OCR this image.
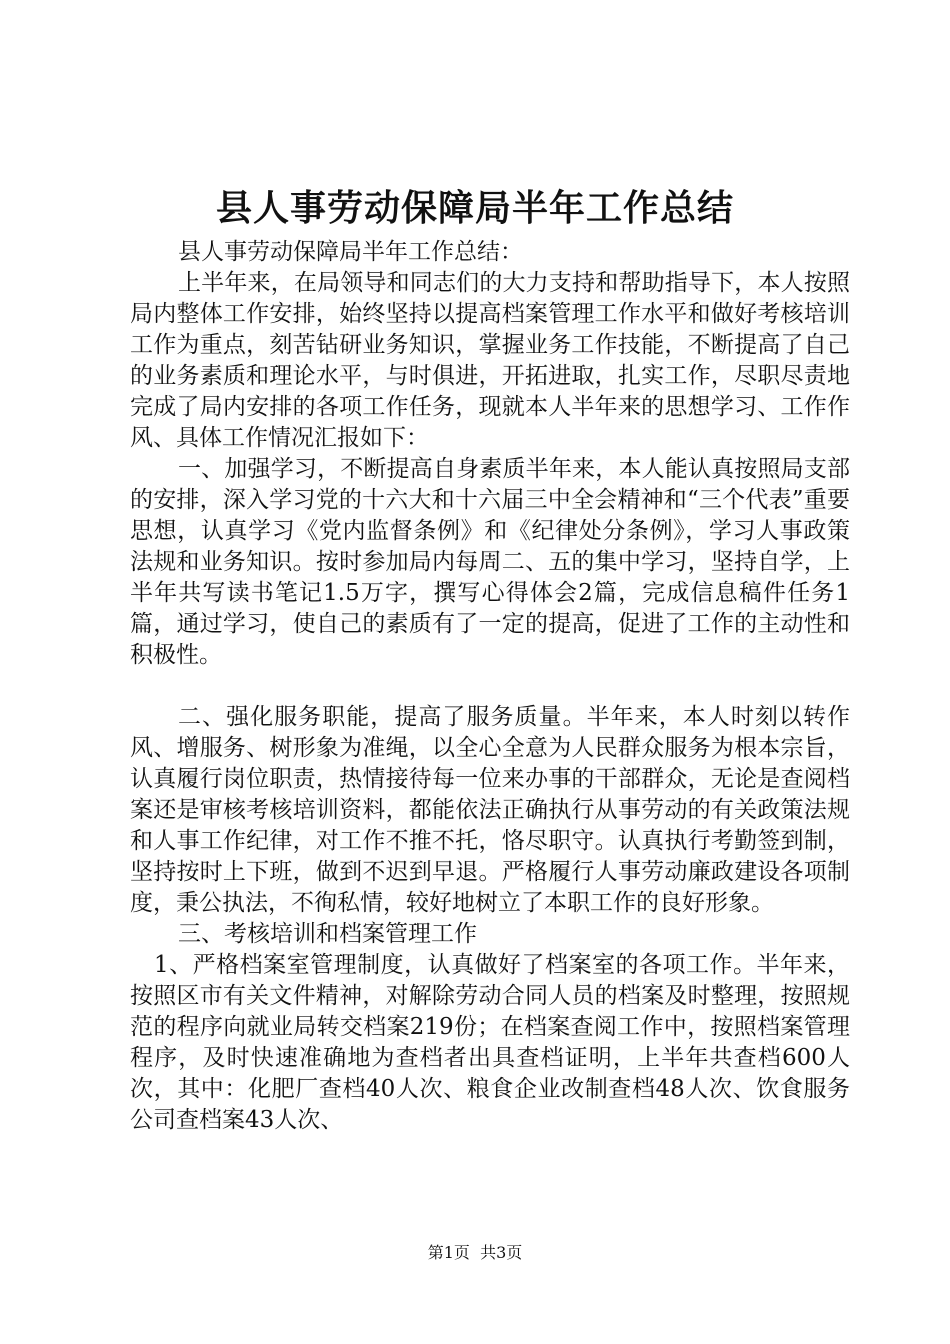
县人事劳动保障局半年工作总结

县人事劳动保障局半年工作总结：

上半年来，在局领导和同志们的大力支持和帮助指导下，本人按照局内整体工作安排，始终坚持以提高档案管理工作水平和做好考核培训工作为重点，刻苦钻研业务知识，掌握业务工作技能，不断提高了自己的业务素质和理论水平，与时俱进，开拓进取，扎实工作，尽职尽责地完成了局内安排的各项工作任务，现就本人半年来的思想学习、工作作风、具体工作情况汇报如下：

一、加强学习，不断提高自身素质半年来，本人能认真按照局支部的安排，深入学习党的十六大和十六届三中全会精神和“三个代表”重要思想，认真学习《党内监督条例》和《纪律处分条例》，学习人事政策法规和业务知识。按时参加局内每周二、五的集中学习，坚持自学，上半年共写读书笔记1.5万字，撰写心得体会2篇，完成信息稿件任务1篇，通过学习，使自己的素质有了一定的提高，促进了工作的主动性和积极性。

二、强化服务职能，提高了服务质量。半年来，本人时刻以转作风、增服务、树形象为准绳，以全心全意为人民群众服务为根本宗旨，认真履行岗位职责，热情接待每一位来办事的干部群众，无论是查阅档案还是审核考核培训资料，都能依法正确执行从事劳动的有关政策法规和人事工作纪律，对工作不推不托，恪尽职守。认真执行考勤签到制，坚持按时上下班，做到不迟到早退。严格履行人事劳动廉政建设各项制度，秉公执法，不徇私情，较好地树立了本职工作的良好形象。

三、考核培训和档案管理工作

1、严格档案室管理制度，认真做好了档案室的各项工作。半年来，按照区市有关文件精神，对解除劳动合同人员的档案及时整理，按照规范的程序向就业局转交档案219份；在档案查阅工作中，按照档案管理程序，及时快速准确地为查档者出具查档证明，上半年共查档600人次，其中：化肥厂查档40人次、粮食企业改制查档48人次、饮食服务公司查档案43人次、

第1页 共3页
